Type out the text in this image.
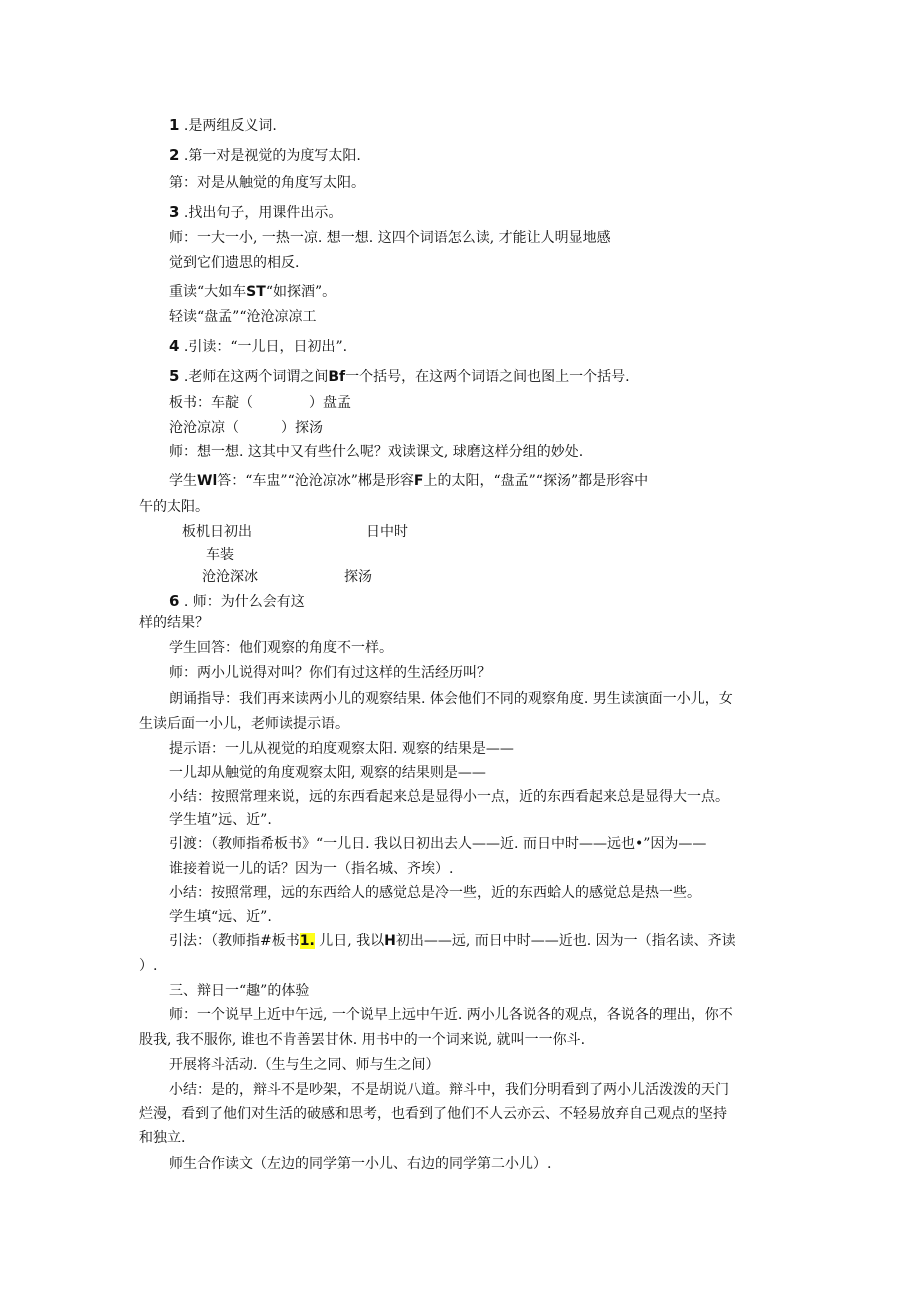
1 .是两组反义词.
2 .第一对是视觉的为度写太阳.
第：对是从触觉的角度写太阳。
3 .找出句子，用课件出示。
师：一大一小, 一热一凉. 想一想. 这四个词语怎么读, 才能让人明显地感
觉到它们遗思的相反.
重读“大如车ST“如探酒”。
轻读“盘孟”“沧沧凉凉工
4 .引读：“一儿日，日初出”.
5 .老师在这两个词谓之间Bf一个括号，在这两个词语之间也图上一个括号.
板书：车靛（　　　　）盘孟
沧沧凉凉（　　　）探汤
师：想一想. 这其中又有些什么呢？戏读课文, 球磨这样分组的妙处.
学生Wl答：“车盅”“沧沧凉冰”郴是形容F上的太阳，“盘孟”“探汤”都是形容中
午的太阳。
板机日初出	日中时
车装
沧沧深冰	探汤
6 . 师：为什么会有这
样的结果？
学生回答：他们观察的角度不一样。
师：两小儿说得对叫？你们有过这样的生活经历叫？
朗诵指导：我们再来读两小儿的观察结果. 体会他们不同的观察角度. 男生读演面一小儿，女
生读后面一小儿，老师读提示语。
提示语：一儿从视觉的珀度观察太阳. 观察的结果是——
一儿却从触觉的角度观察太阳, 观察的结果则是——
小结：按照常理来说，远的东西看起来总是显得小一点，近的东西看起来总是显得大一点。
学生埴”远、近”.
引渡：（教师指希板书》“一儿日. 我以日初出去人——近. 而日中时——远也•”因为——
谁接着说一儿的话？因为一（指名城、齐埃）.
小结：按照常理，远的东西给人的感觉总是冷一些，近的东西蛤人的感觉总是热一些。
学生填“远、近”.
引法：（教师指#板书1. 儿日, 我以H初出——远, 而日中时——近也. 因为一（指名读、齐读
）.
三、辩日一“趣”的体验
师：一个说早上近中午远, 一个说早上远中午近. 两小儿各说各的观点，各说各的理出，你不
股我, 我不服你, 谁也不肯善罢甘休. 用书中的一个词来说, 就叫一一你斗.
开展将斗活动.（生与生之同、师与生之间）
小结：是的，辩斗不是吵架，不是胡说八道。辩斗中，我们分明看到了两小儿活泼泼的天门
烂漫，看到了他们对生活的破感和思考，也看到了他们不人云亦云、不轻易放弃自己观点的坚持
和独立.
师生合作读文（左边的同学第一小儿、右边的同学第二小儿）.
